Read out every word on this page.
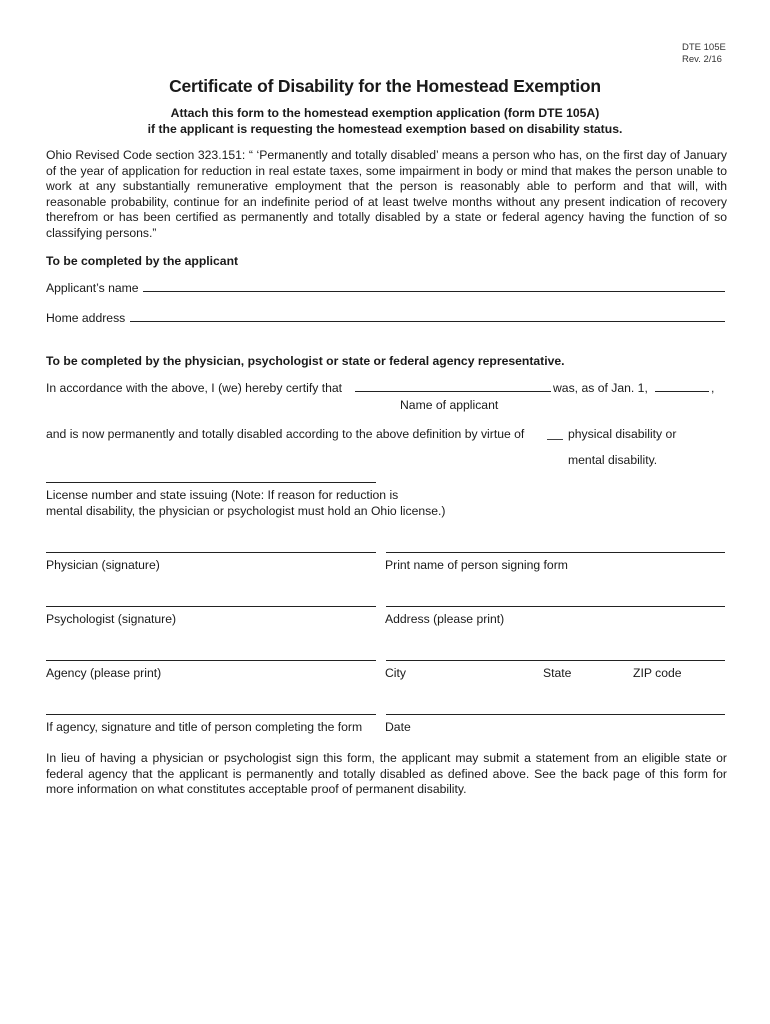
DTE 105E
Rev. 2/16
Certificate of Disability for the Homestead Exemption
Attach this form to the homestead exemption application (form DTE 105A)
if the applicant is requesting the homestead exemption based on disability status.
Ohio Revised Code section 323.151: “ ‘Permanently and totally disabled’ means a person who has, on the first day of January of the year of application for reduction in real estate taxes, some impairment in body or mind that makes the person unable to work at any substantially remunerative employment that the person is reasonably able to perform and that will, with reasonable probability, continue for an indefinite period of at least twelve months without any present indication of recovery therefrom or has been certified as permanently and totally disabled by a state or federal agency having the function of so classifying persons.”
To be completed by the applicant
Applicant’s name
Home address
To be completed by the physician, psychologist or state or federal agency representative.
In accordance with the above, I (we) hereby certify that	was, as of Jan. 1,	,
Name of applicant
and is now permanently and totally disabled according to the above definition by virtue of	physical disability or
mental disability.
License number and state issuing (Note: If reason for reduction is
mental disability, the physician or psychologist must hold an Ohio license.)
Physician (signature)	Print name of person signing form
Psychologist (signature)	Address (please print)
Agency (please print)	City	State	ZIP code
If agency, signature and title of person completing the form Date
In lieu of having a physician or psychologist sign this form, the applicant may submit a statement from an eligible state or federal agency that the applicant is permanently and totally disabled as defined above. See the back page of this form for more information on what constitutes acceptable proof of permanent disability.
